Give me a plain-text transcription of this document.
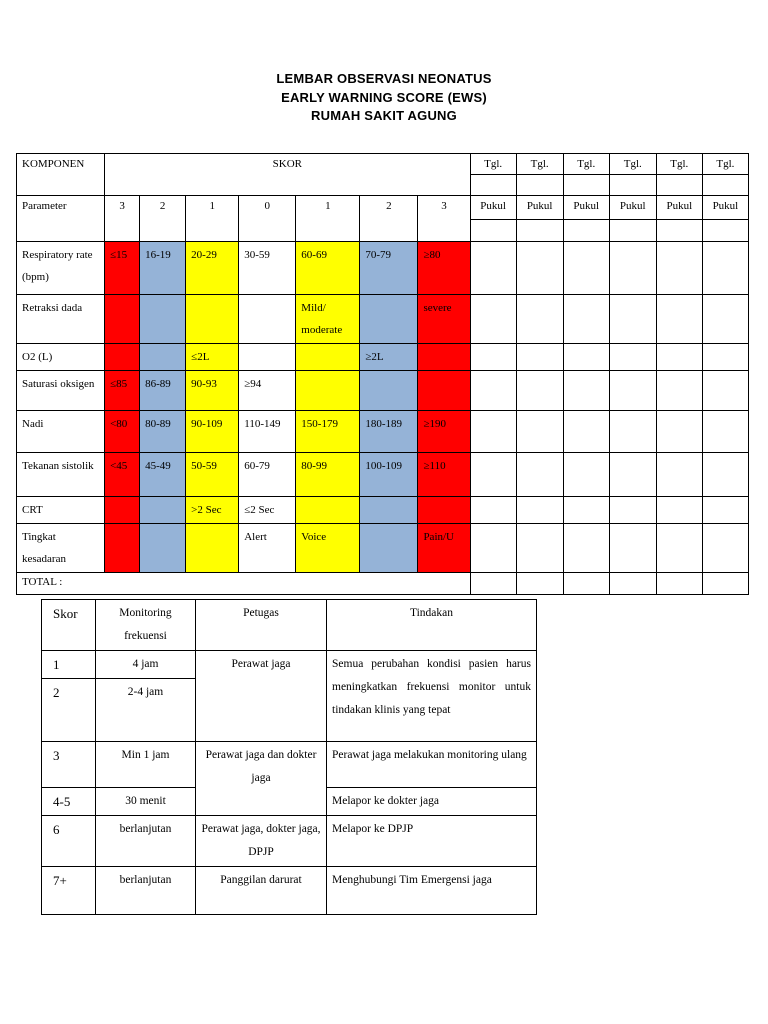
LEMBAR OBSERVASI NEONATUS
EARLY WARNING SCORE (EWS)
RUMAH SAKIT AGUNG
KOMPONEN	SKOR							Tgl.	Tgl.	Tgl.	Tgl.	Tgl.	Tgl.

Parameter	3	2	1	0	1	2	3	Pukul	Pukul	Pukul	Pukul	Pukul	Pukul

Respiratory rate (bpm)	≤15	16-19	20-29	30-59	60-69	70-79	≥80						
Retraksi dada					Mild/ moderate		severe						
O2 (L)			≤2L			≥2L							
Saturasi oksigen	≤85	86-89	90-93	≥94									
Nadi	<80	80-89	90-109	110-149	150-179	180-189	≥190						
Tekanan sistolik	<45	45-49	50-59	60-79	80-99	100-109	≥110						
CRT			>2 Sec	≤2 Sec									
Tingkat kesadaran				Alert	Voice		Pain/U						
TOTAL :													
Skor	Monitoring frekuensi	Petugas	Tindakan
1	4 jam	Perawat jaga	Semua perubahan kondisi pasien harus meningkatkan frekuensi monitor untuk tindakan klinis yang tepat
2	2-4 jam		
3	Min 1 jam	Perawat jaga dan dokter jaga	Perawat jaga melakukan monitoring ulang
4-5	30 menit		Melapor ke dokter jaga
6	berlanjutan	Perawat jaga, dokter jaga, DPJP	Melapor ke DPJP
7+	berlanjutan	Panggilan darurat	Menghubungi Tim Emergensi jaga
